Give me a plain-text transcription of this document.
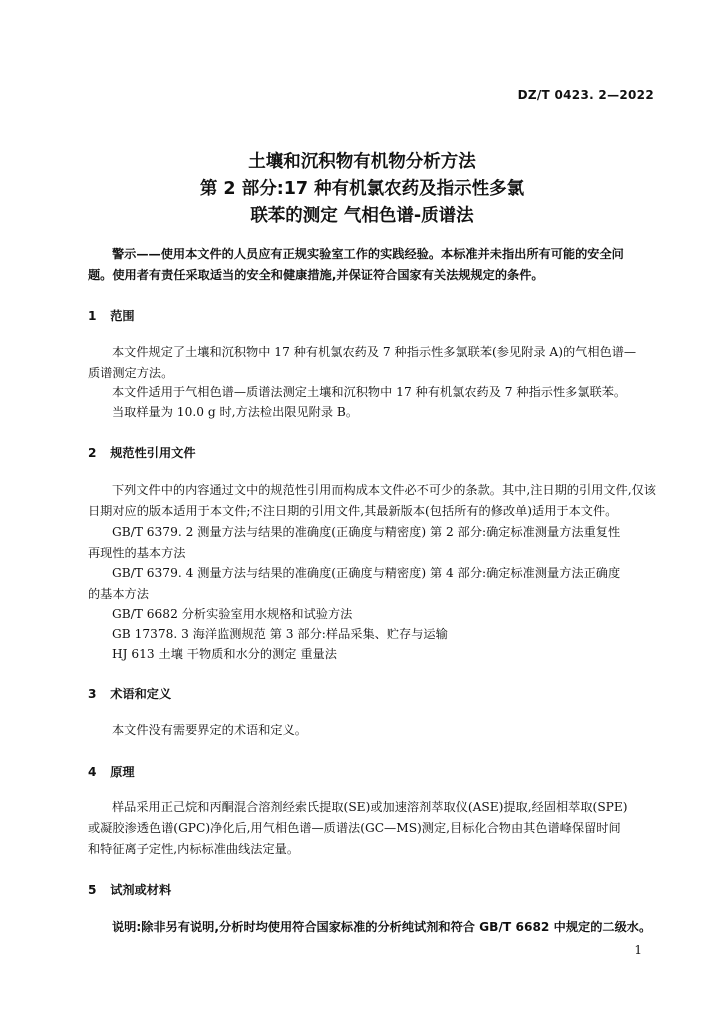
DZ/T 0423. 2—2022
土壤和沉积物有机物分析方法
第 2 部分:17 种有机氯农药及指示性多氯
联苯的测定 气相色谱-质谱法
警示——使用本文件的人员应有正规实验室工作的实践经验。本标准并未指出所有可能的安全问
题。使用者有责任采取适当的安全和健康措施,并保证符合国家有关法规规定的条件。
1 范围
本文件规定了土壤和沉积物中 17 种有机氯农药及 7 种指示性多氯联苯(参见附录 A)的气相色谱—
质谱测定方法。
本文件适用于气相色谱—质谱法测定土壤和沉积物中 17 种有机氯农药及 7 种指示性多氯联苯。
当取样量为 10.0 g 时,方法检出限见附录 B。
2 规范性引用文件
下列文件中的内容通过文中的规范性引用而构成本文件必不可少的条款。其中,注日期的引用文件,仅该
日期对应的版本适用于本文件;不注日期的引用文件,其最新版本(包括所有的修改单)适用于本文件。
GB/T 6379. 2 测量方法与结果的准确度(正确度与精密度) 第 2 部分:确定标准测量方法重复性
再现性的基本方法
GB/T 6379. 4 测量方法与结果的准确度(正确度与精密度) 第 4 部分:确定标准测量方法正确度
的基本方法
GB/T 6682 分析实验室用水规格和试验方法
GB 17378. 3 海洋监测规范 第 3 部分:样品采集、贮存与运输
HJ 613 土壤 干物质和水分的测定 重量法
3 术语和定义
本文件没有需要界定的术语和定义。
4 原理
样品采用正己烷和丙酮混合溶剂经索氏提取(SE)或加速溶剂萃取仪(ASE)提取,经固相萃取(SPE)
或凝胶渗透色谱(GPC)净化后,用气相色谱—质谱法(GC—MS)测定,目标化合物由其色谱峰保留时间
和特征离子定性,内标标准曲线法定量。
5 试剂或材料
说明:除非另有说明,分析时均使用符合国家标准的分析纯试剂和符合 GB/T 6682 中规定的二级水。
1
